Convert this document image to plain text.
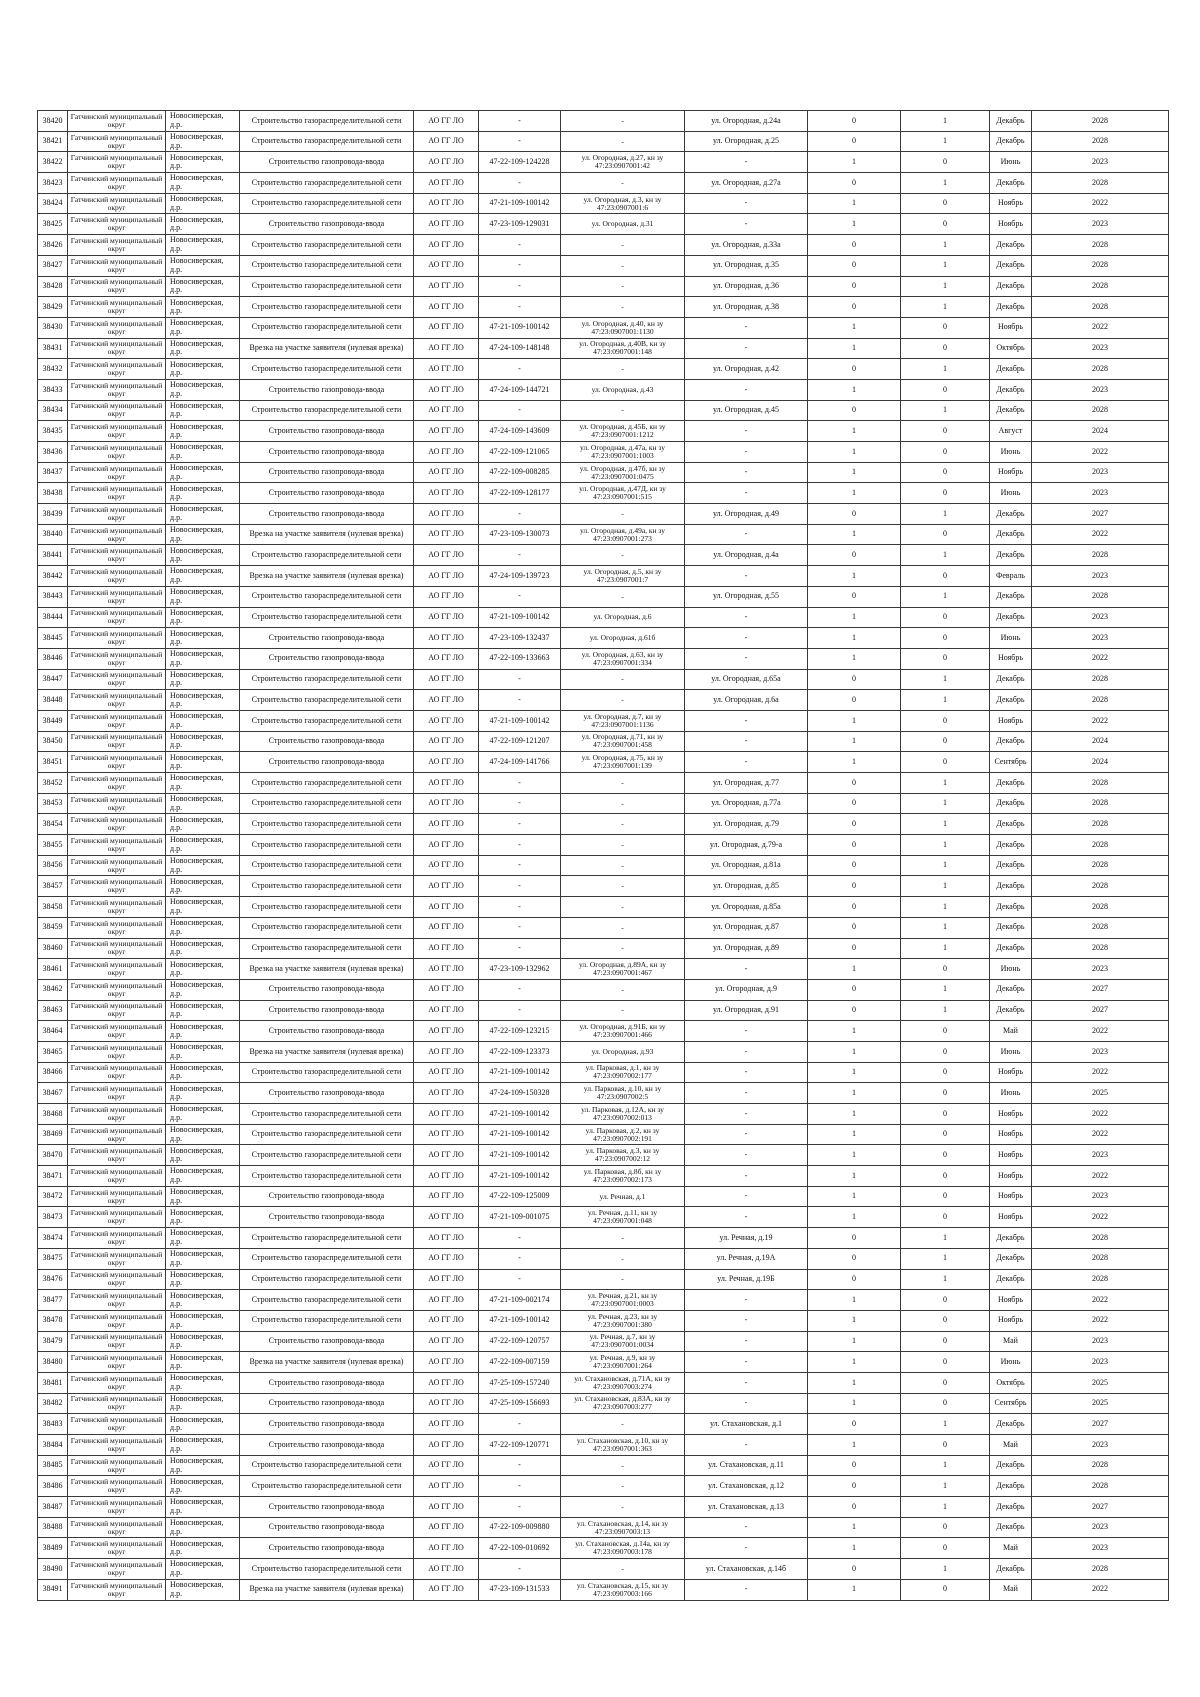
38420	Гатчинский муниципальный округ	Новосиверская, д.р.	Строительство газораспределительной сети	АО ГГ ЛО	-	-	ул. Огородная, д.24а	0	1	Декабрь	2028
38421	Гатчинский муниципальный округ	Новосиверская, д.р.	Строительство газораспределительной сети	АО ГГ ЛО	-	-	ул. Огородная, д.25	0	1	Декабрь	2028
38422	Гатчинский муниципальный округ	Новосиверская, д.р.	Строительство газопровода-ввода	АО ГГ ЛО	47-22-109-124228	ул. Огородная, д.27, кн зу 47:23:0907001:42	-	1	0	Июнь	2023
38423	Гатчинский муниципальный округ	Новосиверская, д.р.	Строительство газораспределительной сети	АО ГГ ЛО	-	-	ул. Огородная, д.27а	0	1	Декабрь	2028
38424	Гатчинский муниципальный округ	Новосиверская, д.р.	Строительство газораспределительной сети	АО ГГ ЛО	47-21-109-100142	ул. Огородная, д.3, кн зу 47:23:0907001:6	-	1	0	Ноябрь	2022
38425	Гатчинский муниципальный округ	Новосиверская, д.р.	Строительство газопровода-ввода	АО ГГ ЛО	47-23-109-129031	ул. Огородная, д.31	-	1	0	Ноябрь	2023
38426	Гатчинский муниципальный округ	Новосиверская, д.р.	Строительство газораспределительной сети	АО ГГ ЛО	-	-	ул. Огородная, д.33а	0	1	Декабрь	2028
38427	Гатчинский муниципальный округ	Новосиверская, д.р.	Строительство газораспределительной сети	АО ГГ ЛО	-	-	ул. Огородная, д.35	0	1	Декабрь	2028
38428	Гатчинский муниципальный округ	Новосиверская, д.р.	Строительство газораспределительной сети	АО ГГ ЛО	-	-	ул. Огородная, д.36	0	1	Декабрь	2028
38429	Гатчинский муниципальный округ	Новосиверская, д.р.	Строительство газораспределительной сети	АО ГГ ЛО	-	-	ул. Огородная, д.38	0	1	Декабрь	2028
38430	Гатчинский муниципальный округ	Новосиверская, д.р.	Строительство газораспределительной сети	АО ГГ ЛО	47-21-109-100142	ул. Огородная, д.40, кн зу 47:23:0907001:1130	-	1	0	Ноябрь	2022
38431	Гатчинский муниципальный округ	Новосиверская, д.р.	Врезка на участке заявителя (нулевая врезка)	АО ГГ ЛО	47-24-109-148148	ул. Огородная, д.40В, кн зу 47:23:0907001:148	-	1	0	Октябрь	2023
38432	Гатчинский муниципальный округ	Новосиверская, д.р.	Строительство газораспределительной сети	АО ГГ ЛО	-	-	ул. Огородная, д.42	0	1	Декабрь	2028
38433	Гатчинский муниципальный округ	Новосиверская, д.р.	Строительство газопровода-ввода	АО ГГ ЛО	47-24-109-144721	ул. Огородная, д.43	-	1	0	Декабрь	2023
38434	Гатчинский муниципальный округ	Новосиверская, д.р.	Строительство газораспределительной сети	АО ГГ ЛО	-	-	ул. Огородная, д.45	0	1	Декабрь	2028
38435	Гатчинский муниципальный округ	Новосиверская, д.р.	Строительство газопровода-ввода	АО ГГ ЛО	47-24-109-143609	ул. Огородная, д.45Б, кн зу 47:23:0907001:1212	-	1	0	Август	2024
38436	Гатчинский муниципальный округ	Новосиверская, д.р.	Строительство газопровода-ввода	АО ГГ ЛО	47-22-109-121065	ул. Огородная, д.47а, кн зу 47:23:0907001:1003	-	1	0	Июнь	2022
38437	Гатчинский муниципальный округ	Новосиверская, д.р.	Строительство газопровода-ввода	АО ГГ ЛО	47-22-109-008285	ул. Огородная, д.47б, кн зу 47:23:0907001:0475	-	1	0	Ноябрь	2023
38438	Гатчинский муниципальный округ	Новосиверская, д.р.	Строительство газопровода-ввода	АО ГГ ЛО	47-22-109-128177	ул. Огородная, д.47Д, кн зу 47:23:0907001:515	-	1	0	Июнь	2023
38439	Гатчинский муниципальный округ	Новосиверская, д.р.	Строительство газопровода-ввода	АО ГГ ЛО	-	-	ул. Огородная, д.49	0	1	Декабрь	2027
38440	Гатчинский муниципальный округ	Новосиверская, д.р.	Врезка на участке заявителя (нулевая врезка)	АО ГГ ЛО	47-23-109-130073	ул. Огородная, д.49а, кн зу 47:23:0907001:273	-	1	0	Декабрь	2022
38441	Гатчинский муниципальный округ	Новосиверская, д.р.	Строительство газораспределительной сети	АО ГГ ЛО	-	-	ул. Огородная, д.4а	0	1	Декабрь	2028
38442	Гатчинский муниципальный округ	Новосиверская, д.р.	Врезка на участке заявителя (нулевая врезка)	АО ГГ ЛО	47-24-109-139723	ул. Огородная, д.5, кн зу 47:23:0907001:7	-	1	0	Февраль	2023
38443	Гатчинский муниципальный округ	Новосиверская, д.р.	Строительство газораспределительной сети	АО ГГ ЛО	-	-	ул. Огородная, д.55	0	1	Декабрь	2028
38444	Гатчинский муниципальный округ	Новосиверская, д.р.	Строительство газораспределительной сети	АО ГГ ЛО	47-21-109-100142	ул. Огородная, д.6	-	1	0	Декабрь	2023
38445	Гатчинский муниципальный округ	Новосиверская, д.р.	Строительство газопровода-ввода	АО ГГ ЛО	47-23-109-132437	ул. Огородная, д.61б	-	1	0	Июнь	2023
38446	Гатчинский муниципальный округ	Новосиверская, д.р.	Строительство газопровода-ввода	АО ГГ ЛО	47-22-109-133663	ул. Огородная, д.63, кн зу 47:23:0907001:334	-	1	0	Ноябрь	2022
38447	Гатчинский муниципальный округ	Новосиверская, д.р.	Строительство газораспределительной сети	АО ГГ ЛО	-	-	ул. Огородная, д.65а	0	1	Декабрь	2028
38448	Гатчинский муниципальный округ	Новосиверская, д.р.	Строительство газораспределительной сети	АО ГГ ЛО	-	-	ул. Огородная, д.6а	0	1	Декабрь	2028
38449	Гатчинский муниципальный округ	Новосиверская, д.р.	Строительство газораспределительной сети	АО ГГ ЛО	47-21-109-100142	ул. Огородная, д.7, кн зу 47:23:0907001:1136	-	1	0	Ноябрь	2022
38450	Гатчинский муниципальный округ	Новосиверская, д.р.	Строительство газопровода-ввода	АО ГГ ЛО	47-22-109-121207	ул. Огородная, д.71, кн зу 47:23:0907001:458	-	1	0	Декабрь	2024
38451	Гатчинский муниципальный округ	Новосиверская, д.р.	Строительство газопровода-ввода	АО ГГ ЛО	47-24-109-141766	ул. Огородная, д.75, кн зу 47:23:0907001:139	-	1	0	Сентябрь	2024
38452	Гатчинский муниципальный округ	Новосиверская, д.р.	Строительство газораспределительной сети	АО ГГ ЛО	-	-	ул. Огородная, д.77	0	1	Декабрь	2028
38453	Гатчинский муниципальный округ	Новосиверская, д.р.	Строительство газораспределительной сети	АО ГГ ЛО	-	-	ул. Огородная, д.77а	0	1	Декабрь	2028
38454	Гатчинский муниципальный округ	Новосиверская, д.р.	Строительство газораспределительной сети	АО ГГ ЛО	-	-	ул. Огородная, д.79	0	1	Декабрь	2028
38455	Гатчинский муниципальный округ	Новосиверская, д.р.	Строительство газораспределительной сети	АО ГГ ЛО	-	-	ул. Огородная, д.79-а	0	1	Декабрь	2028
38456	Гатчинский муниципальный округ	Новосиверская, д.р.	Строительство газораспределительной сети	АО ГГ ЛО	-	-	ул. Огородная, д.81а	0	1	Декабрь	2028
38457	Гатчинский муниципальный округ	Новосиверская, д.р.	Строительство газораспределительной сети	АО ГГ ЛО	-	-	ул. Огородная, д.85	0	1	Декабрь	2028
38458	Гатчинский муниципальный округ	Новосиверская, д.р.	Строительство газораспределительной сети	АО ГГ ЛО	-	-	ул. Огородная, д.85а	0	1	Декабрь	2028
38459	Гатчинский муниципальный округ	Новосиверская, д.р.	Строительство газораспределительной сети	АО ГГ ЛО	-	-	ул. Огородная, д.87	0	1	Декабрь	2028
38460	Гатчинский муниципальный округ	Новосиверская, д.р.	Строительство газораспределительной сети	АО ГГ ЛО	-	-	ул. Огородная, д.89	0	1	Декабрь	2028
38461	Гатчинский муниципальный округ	Новосиверская, д.р.	Врезка на участке заявителя (нулевая врезка)	АО ГГ ЛО	47-23-109-132962	ул. Огородная, д.89А, кн зу 47:23:0907001:467	-	1	0	Июнь	2023
38462	Гатчинский муниципальный округ	Новосиверская, д.р.	Строительство газопровода-ввода	АО ГГ ЛО	-	-	ул. Огородная, д.9	0	1	Декабрь	2027
38463	Гатчинский муниципальный округ	Новосиверская, д.р.	Строительство газопровода-ввода	АО ГГ ЛО	-	-	ул. Огородная, д.91	0	1	Декабрь	2027
38464	Гатчинский муниципальный округ	Новосиверская, д.р.	Строительство газопровода-ввода	АО ГГ ЛО	47-22-109-123215	ул. Огородная, д.91Б, кн зу 47:23:0907001:466	-	1	0	Май	2022
38465	Гатчинский муниципальный округ	Новосиверская, д.р.	Врезка на участке заявителя (нулевая врезка)	АО ГГ ЛО	47-22-109-123373	ул. Огородная, д.93	-	1	0	Июнь	2023
38466	Гатчинский муниципальный округ	Новосиверская, д.р.	Строительство газораспределительной сети	АО ГГ ЛО	47-21-109-100142	ул. Парковая, д.1, кн зу 47:23:0907002:177	-	1	0	Ноябрь	2022
38467	Гатчинский муниципальный округ	Новосиверская, д.р.	Строительство газопровода-ввода	АО ГГ ЛО	47-24-109-150328	ул. Парковая, д.10, кн зу 47:23:0907002:5	-	1	0	Июнь	2025
38468	Гатчинский муниципальный округ	Новосиверская, д.р.	Строительство газораспределительной сети	АО ГГ ЛО	47-21-109-100142	ул. Парковая, д.12А, кн зу 47:23:0907002:013	-	1	0	Ноябрь	2022
38469	Гатчинский муниципальный округ	Новосиверская, д.р.	Строительство газораспределительной сети	АО ГГ ЛО	47-21-109-100142	ул. Парковая, д.2, кн зу 47:23:0907002:191	-	1	0	Ноябрь	2022
38470	Гатчинский муниципальный округ	Новосиверская, д.р.	Строительство газораспределительной сети	АО ГГ ЛО	47-21-109-100142	ул. Парковая, д.3, кн зу 47:23:0907002:12	-	1	0	Ноябрь	2023
38471	Гатчинский муниципальный округ	Новосиверская, д.р.	Строительство газораспределительной сети	АО ГГ ЛО	47-21-109-100142	ул. Парковая, д.8б, кн зу 47:23:0907002:173	-	1	0	Ноябрь	2022
38472	Гатчинский муниципальный округ	Новосиверская, д.р.	Строительство газопровода-ввода	АО ГГ ЛО	47-22-109-125009	ул. Речная, д.1	-	1	0	Ноябрь	2023
38473	Гатчинский муниципальный округ	Новосиверская, д.р.	Строительство газопровода-ввода	АО ГГ ЛО	47-21-109-001075	ул. Речная, д.11, кн зу 47:23:0907001:048	-	1	0	Ноябрь	2022
38474	Гатчинский муниципальный округ	Новосиверская, д.р.	Строительство газораспределительной сети	АО ГГ ЛО	-	-	ул. Речная, д.19	0	1	Декабрь	2028
38475	Гатчинский муниципальный округ	Новосиверская, д.р.	Строительство газораспределительной сети	АО ГГ ЛО	-	-	ул. Речная, д.19А	0	1	Декабрь	2028
38476	Гатчинский муниципальный округ	Новосиверская, д.р.	Строительство газораспределительной сети	АО ГГ ЛО	-	-	ул. Речная, д.19Б	0	1	Декабрь	2028
38477	Гатчинский муниципальный округ	Новосиверская, д.р.	Строительство газораспределительной сети	АО ГГ ЛО	47-21-109-002174	ул. Речная, д.21, кн зу 47:23:0907001:0003	-	1	0	Ноябрь	2022
38478	Гатчинский муниципальный округ	Новосиверская, д.р.	Строительство газораспределительной сети	АО ГГ ЛО	47-21-109-100142	ул. Речная, д.23, кн зу 47:23:0907001:380	-	1	0	Ноябрь	2022
38479	Гатчинский муниципальный округ	Новосиверская, д.р.	Строительство газопровода-ввода	АО ГГ ЛО	47-22-109-120757	ул. Речная, д.7, кн зу 47:23:0907001:0034	-	1	0	Май	2023
38480	Гатчинский муниципальный округ	Новосиверская, д.р.	Врезка на участке заявителя (нулевая врезка)	АО ГГ ЛО	47-22-109-007159	ул. Речная, д.9, кн зу 47:23:0907001:264	-	1	0	Июнь	2023
38481	Гатчинский муниципальный округ	Новосиверская, д.р.	Строительство газопровода-ввода	АО ГГ ЛО	47-25-109-157240	ул. Стахановская, д.71А, кн зу 47:23:0907003:274	-	1	0	Октябрь	2025
38482	Гатчинский муниципальный округ	Новосиверская, д.р.	Строительство газопровода-ввода	АО ГГ ЛО	47-25-109-156693	ул. Стахановская, д.83А, кн зу 47:23:0907003:277	-	1	0	Сентябрь	2025
38483	Гатчинский муниципальный округ	Новосиверская, д.р.	Строительство газопровода-ввода	АО ГГ ЛО	-	-	ул. Стахановская, д.1	0	1	Декабрь	2027
38484	Гатчинский муниципальный округ	Новосиверская, д.р.	Строительство газопровода-ввода	АО ГГ ЛО	47-22-109-120771	ул. Стахановская, д.10, кн зу 47:23:0907001:363	-	1	0	Май	2023
38485	Гатчинский муниципальный округ	Новосиверская, д.р.	Строительство газораспределительной сети	АО ГГ ЛО	-	-	ул. Стахановская, д.11	0	1	Декабрь	2028
38486	Гатчинский муниципальный округ	Новосиверская, д.р.	Строительство газораспределительной сети	АО ГГ ЛО	-	-	ул. Стахановская, д.12	0	1	Декабрь	2028
38487	Гатчинский муниципальный округ	Новосиверская, д.р.	Строительство газопровода-ввода	АО ГГ ЛО	-	-	ул. Стахановская, д.13	0	1	Декабрь	2027
38488	Гатчинский муниципальный округ	Новосиверская, д.р.	Строительство газопровода-ввода	АО ГГ ЛО	47-22-109-009880	ул. Стахановская, д.14, кн зу 47:23:0907003:13	-	1	0	Декабрь	2023
38489	Гатчинский муниципальный округ	Новосиверская, д.р.	Строительство газопровода-ввода	АО ГГ ЛО	47-22-109-010692	ул. Стахановская, д.14а, кн зу 47:23:0907003:178	-	1	0	Май	2023
38490	Гатчинский муниципальный округ	Новосиверская, д.р.	Строительство газораспределительной сети	АО ГГ ЛО	-	-	ул. Стахановская, д.14б	0	1	Декабрь	2028
38491	Гатчинский муниципальный округ	Новосиверская, д.р.	Врезка на участке заявителя (нулевая врезка)	АО ГГ ЛО	47-23-109-131533	ул. Стахановская, д.15, кн зу 47:23:0907003:166	-	1	0	Май	2022
